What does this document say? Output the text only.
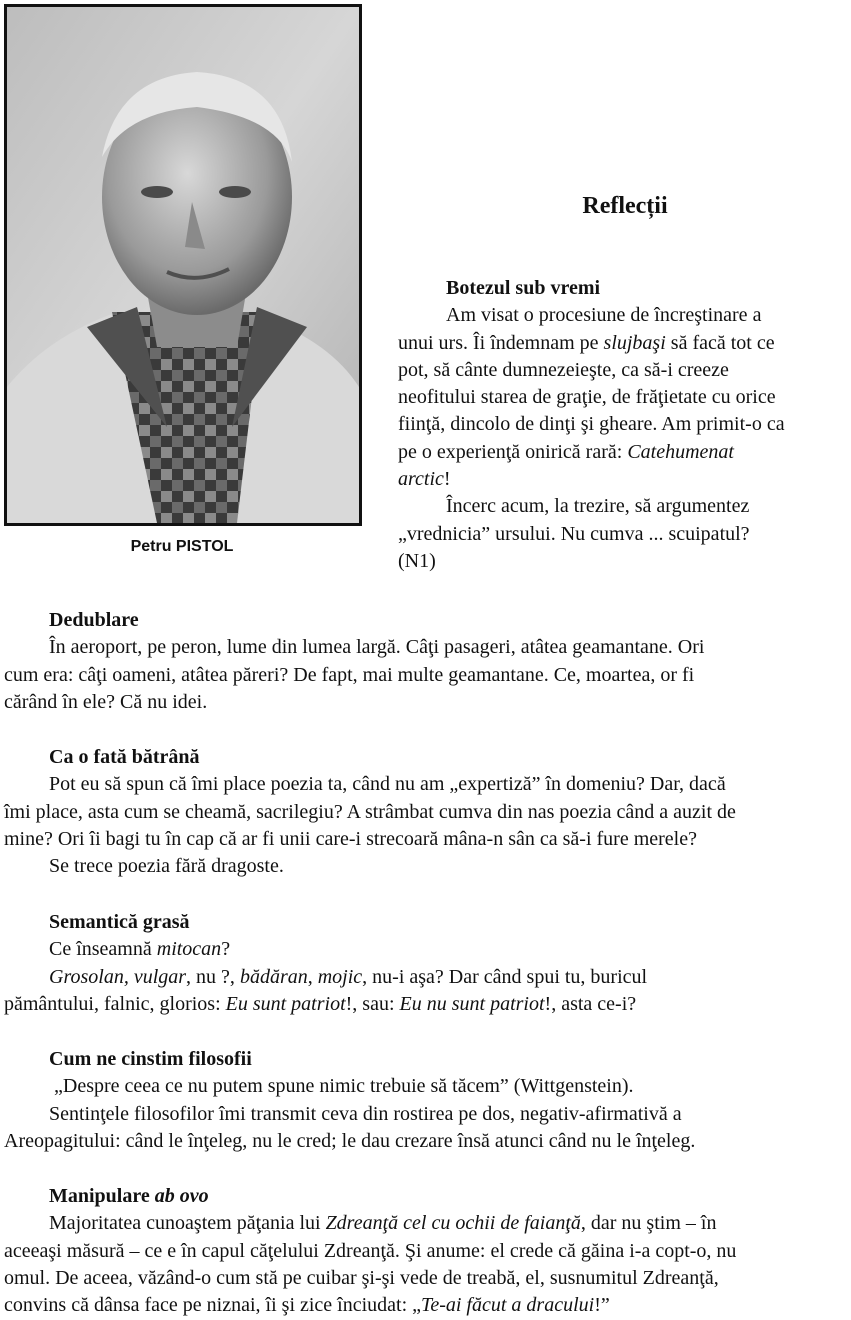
Petru PISTOL
Reflecții
Botezul sub vremi

Am visat o procesiune de încreştinare a
unui urs. Îi îndemnam pe slujbaşi să facă tot ce
pot, să cânte dumnezeieşte, ca să-i creeze
neofitului starea de graţie, de frăţietate cu orice
fiinţă, dincolo de dinţi şi gheare. Am primit-o ca
pe o experienţă onirică rară: Catehumenat
arctic!

Încerc acum, la trezire, să argumentez
„vrednicia” ursului. Nu cumva ... scuipatul?
(N1)

Dedublare
În aeroport, pe peron, lume din lumea largă. Câţi pasageri, atâtea geamantane. Ori
cum era: câţi oameni, atâtea păreri? De fapt, mai multe geamantane. Ce, moartea, or fi
cărând în ele? Că nu idei.
Ca o fată bătrână
Pot eu să spun că îmi place poezia ta, când nu am „expertiză” în domeniu? Dar, dacă
îmi place, asta cum se cheamă, sacrilegiu? A strâmbat cumva din nas poezia când a auzit de
mine? Ori îi bagi tu în cap că ar fi unii care-i strecoară mâna-n sân ca să-i fure merele?
Se trece poezia fără dragoste.
Semantică grasă
Ce înseamnă mitocan?
Grosolan, vulgar, nu ?, bădăran, mojic, nu-i aşa? Dar când spui tu, buricul
pământului, falnic, glorios: Eu sunt patriot!, sau: Eu nu sunt patriot!, asta ce-i?
Cum ne cinstim filosofii
„Despre ceea ce nu putem spune nimic trebuie să tăcem” (Wittgenstein).
Sentinţele filosofilor îmi transmit ceva din rostirea pe dos, negativ-afirmativă a
Areopagitului: când le înţeleg, nu le cred; le dau crezare însă atunci când nu le înţeleg.
Manipulare ab ovo
Majoritatea cunoaştem păţania lui Zdreanţă cel cu ochii de faianţă, dar nu ştim – în
aceeaşi măsură – ce e în capul căţelului Zdreanţă. Şi anume: el crede că găina i-a copt-o, nu
omul. De aceea, văzând-o cum stă pe cuibar şi-şi vede de treabă, el, susnumitul Zdreanţă,
convins că dânsa face pe niznai, îi şi zice înciudat: „Te-ai făcut a dracului!”
